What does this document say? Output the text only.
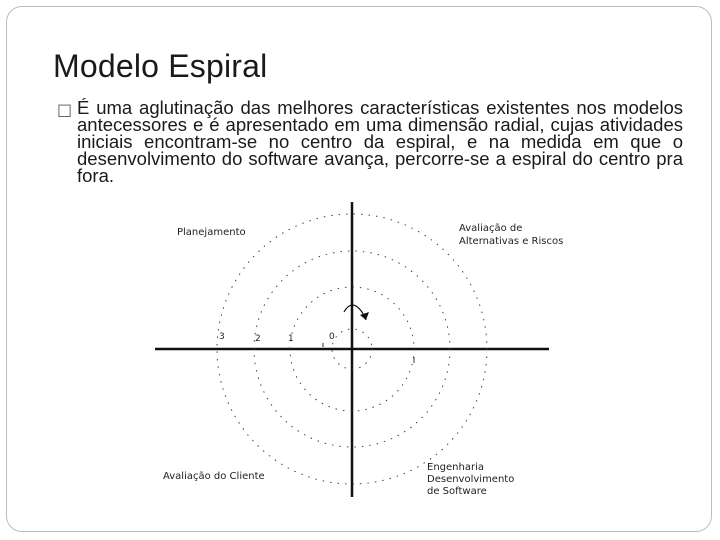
Modelo Espiral
□ É uma aglutinação das melhores características existentes nos modelos antecessores e é apresentado em uma dimensão radial, cujas atividades iniciais encontram-se no centro da espiral, e na medida em que o desenvolvimento do software avança, percorre-se a espiral do centro pra fora.
Planejamento	Avaliação de
Alternativas e Riscos
Avaliação do Cliente
Engenharia
Desenvolvimento
de Software
3	2	1	0
